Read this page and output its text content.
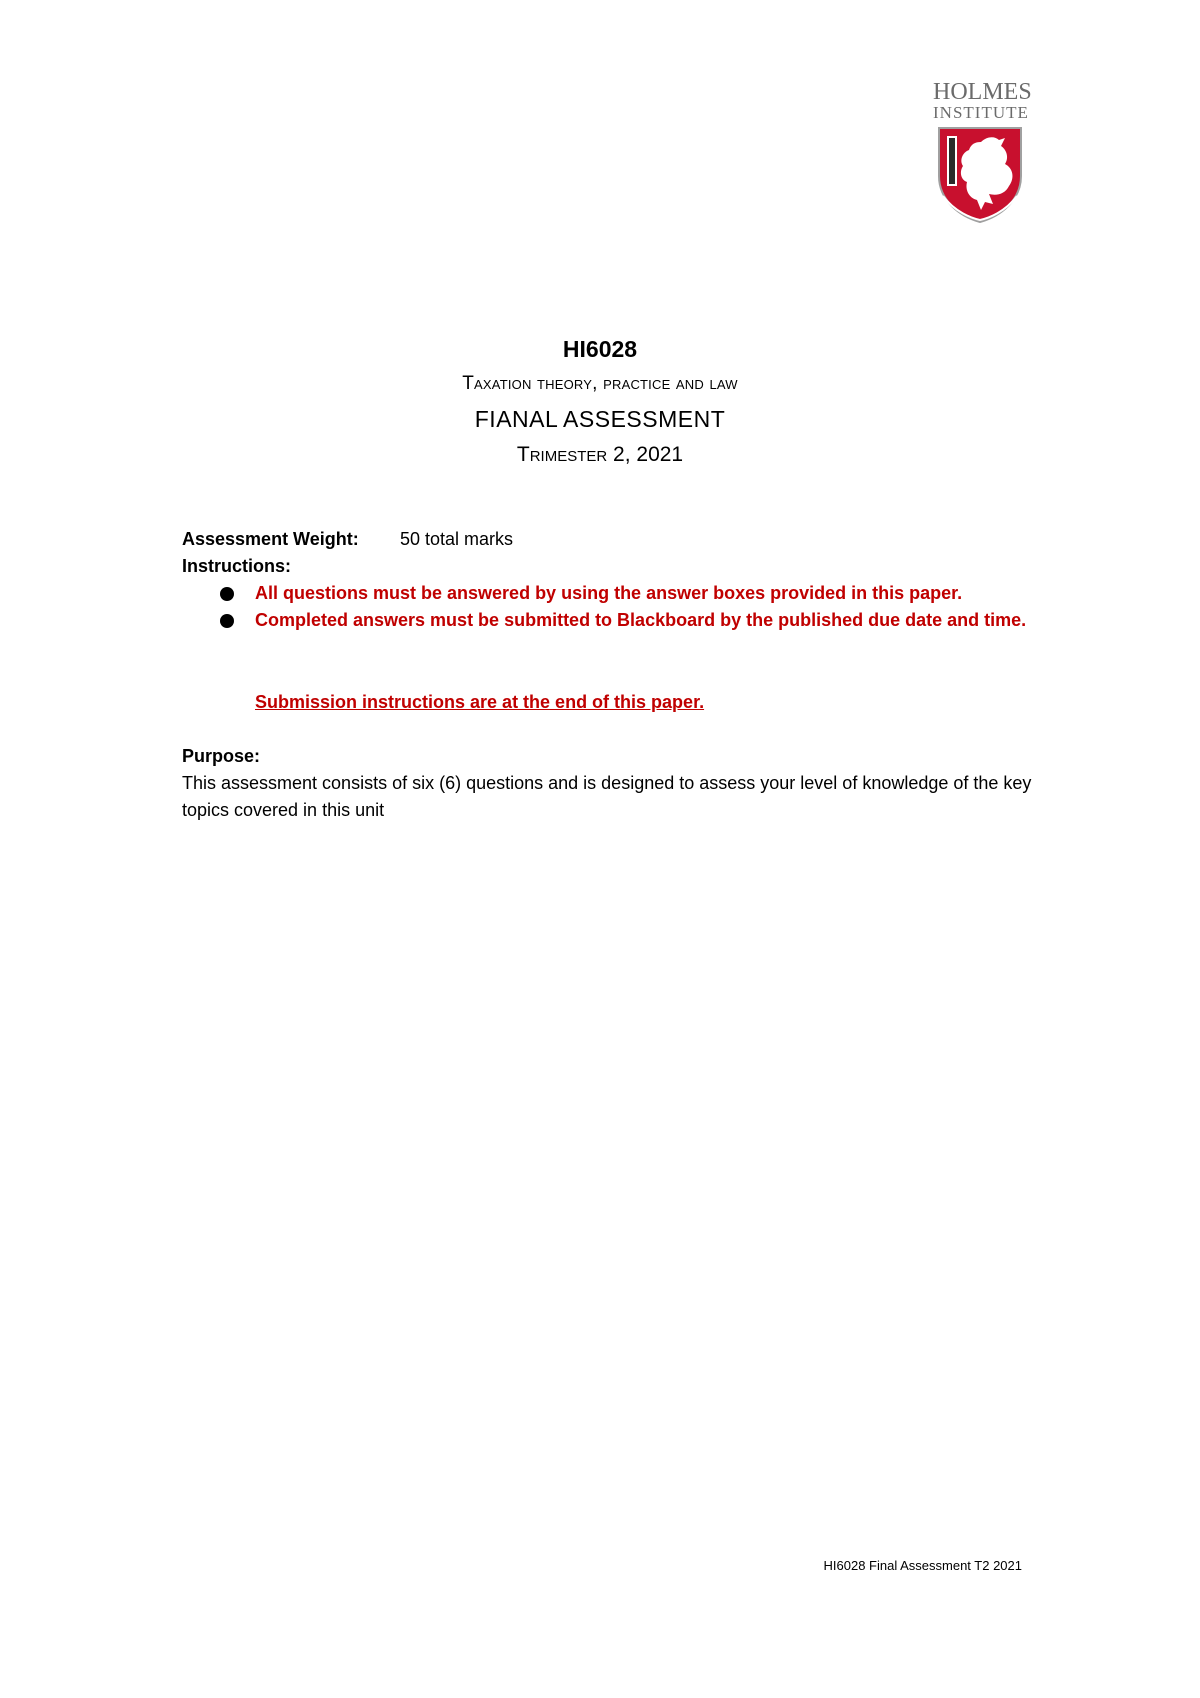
HOLMES
INSTITUTE
HI6028
Taxation theory, practice and law
FIANAL ASSESSMENT
Trimester 2, 2021
Assessment Weight: 50 total marks
Instructions:
All questions must be answered by using the answer boxes provided in this paper.
Completed answers must be submitted to Blackboard by the published due date and time.
Submission instructions are at the end of this paper.
Purpose:
This assessment consists of six (6) questions and is designed to assess your level of knowledge of the key topics covered in this unit
HI6028 Final Assessment T2 2021
